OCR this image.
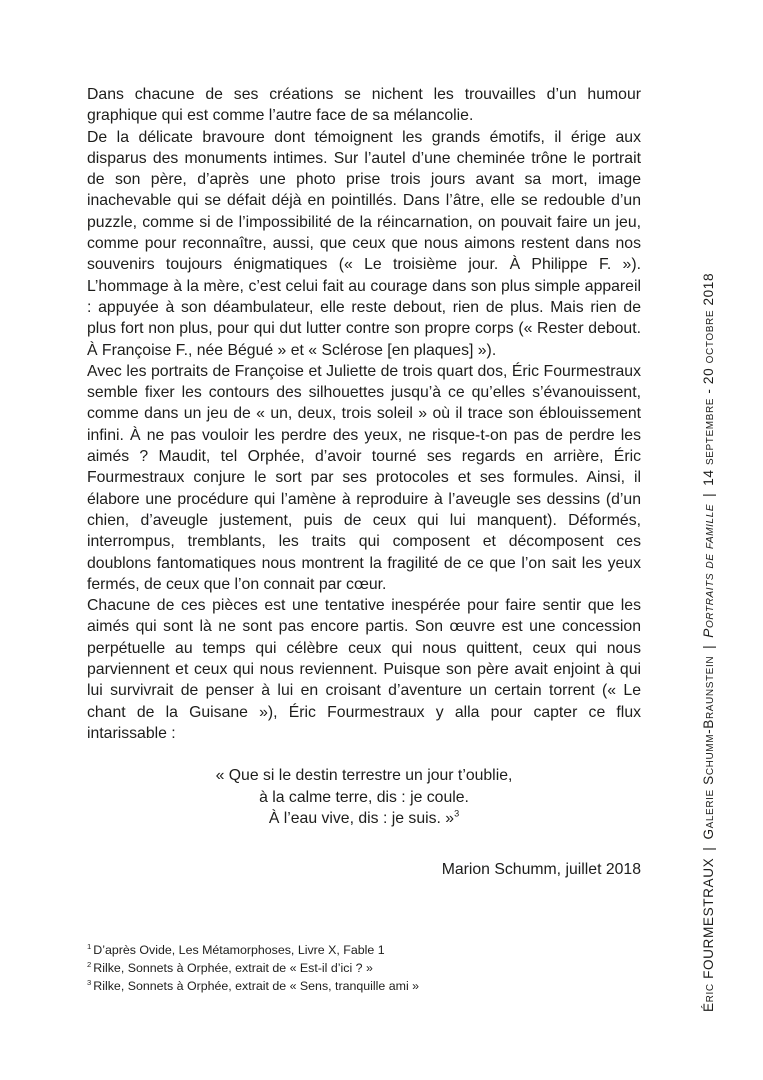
Dans chacune de ses créations se nichent les trouvailles d’un humour graphique qui est comme l’autre face de sa mélancolie.

De la délicate bravoure dont témoignent les grands émotifs, il érige aux disparus des monuments intimes. Sur l’autel d’une cheminée trône le portrait de son père, d’après une photo prise trois jours avant sa mort, image inachevable qui se défait déjà en pointillés. Dans l’âtre, elle se redouble d’un puzzle, comme si de l’impossibilité de la réincarnation, on pouvait faire un jeu, comme pour reconnaître, aussi, que ceux que nous aimons restent dans nos souvenirs toujours énigmatiques (« Le troisième jour. À Philippe F. »). L’hommage à la mère, c’est celui fait au courage dans son plus simple appareil : appuyée à son déambulateur, elle reste debout, rien de plus. Mais rien de plus fort non plus, pour qui dut lutter contre son propre corps (« Rester debout. À Françoise F., née Bégué » et « Sclérose [en plaques] »).

Avec les portraits de Françoise et Juliette de trois quart dos, Éric Fourmestraux semble fixer les contours des silhouettes jusqu’à ce qu’elles s’évanouissent, comme dans un jeu de « un, deux, trois soleil » où il trace son éblouissement infini. À ne pas vouloir les perdre des yeux, ne risque-t-on pas de perdre les aimés ? Maudit, tel Orphée, d’avoir tourné ses regards en arrière, Éric Fourmestraux conjure le sort par ses protocoles et ses formules. Ainsi, il élabore une procédure qui l’amène à reproduire à l’aveugle ses dessins (d’un chien, d’aveugle justement, puis de ceux qui lui manquent). Déformés, interrompus, tremblants, les traits qui composent et décomposent ces doublons fantomatiques nous montrent la fragilité de ce que l’on sait les yeux fermés, de ceux que l’on connait par cœur.

Chacune de ces pièces est une tentative inespérée pour faire sentir que les aimés qui sont là ne sont pas encore partis. Son œuvre est une concession perpétuelle au temps qui célèbre ceux qui nous quittent, ceux qui nous parviennent et ceux qui nous reviennent. Puisque son père avait enjoint à qui lui survivrait de penser à lui en croisant d’aventure un certain torrent (« Le chant de la Guisane »), Éric Fourmestraux y alla pour capter ce flux intarissable :

« Que si le destin terrestre un jour t’oublie,
à la calme terre, dis : je coule.
À l’eau vive, dis : je suis. »$^3$
Marion Schumm, juillet 2018
$^1$ D’après Ovide, Les Métamorphoses, Livre X, Fable 1
$^2$ Rilke, Sonnets à Orphée, extrait de « Est-il d’ici ? »
$^3$ Rilke, Sonnets à Orphée, extrait de « Sens, tranquille ami »	Éric FOURMESTRAUX|Galerie Schumm-Braunstein|Portraits de famille|14 septembre - 20 octobre 2018
